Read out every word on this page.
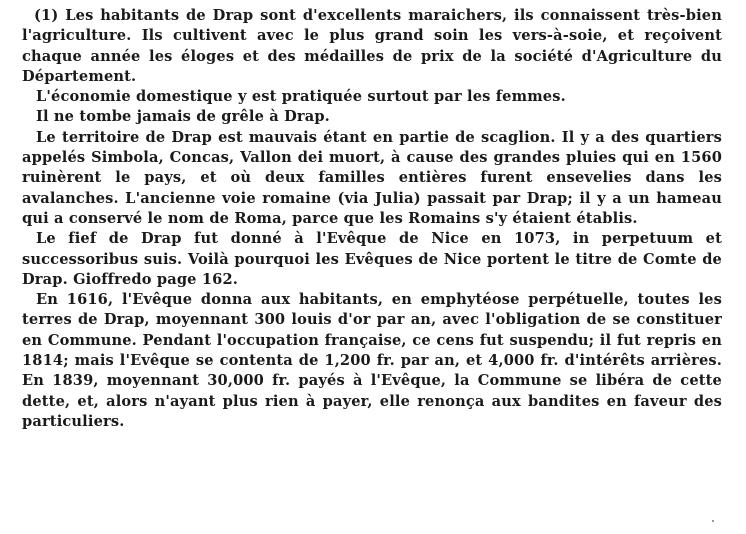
(1) Les habitants de Drap sont d'excellents maraichers, ils connaissent très-bien l'agriculture. Ils cultivent avec le plus grand soin les vers-à-soie, et reçoivent chaque année les éloges et des médailles de prix de la société d'Agriculture du Département.

L'économie domestique y est pratiquée surtout par les femmes.

Il ne tombe jamais de grêle à Drap.

Le territoire de Drap est mauvais étant en partie de scaglion. Il y a des quartiers appelés Simbola, Concas, Vallon dei muort, à cause des grandes pluies qui en 1560 ruinèrent le pays, et où deux familles entières furent ensevelies dans les avalanches. L'ancienne voie romaine (via Julia) passait par Drap; il y a un hameau qui a conservé le nom de Roma, parce que les Romains s'y étaient établis.

Le fief de Drap fut donné à l'Evêque de Nice en 1073, in perpetuum et successoribus suis. Voilà pourquoi les Evêques de Nice portent le titre de Comte de Drap. Gioffredo page 162.

En 1616, l'Evêque donna aux habitants, en emphytéose perpétuelle, toutes les terres de Drap, moyennant 300 louis d'or par an, avec l'obligation de se constituer en Commune. Pendant l'occupation française, ce cens fut suspendu; il fut repris en 1814; mais l'Evêque se contenta de 1,200 fr. par an, et 4,000 fr. d'intérêts arrières. En 1839, moyennant 30,000 fr. payés à l'Evêque, la Commune se libéra de cette dette, et, alors n'ayant plus rien à payer, elle renonça aux bandites en faveur des particuliers.
